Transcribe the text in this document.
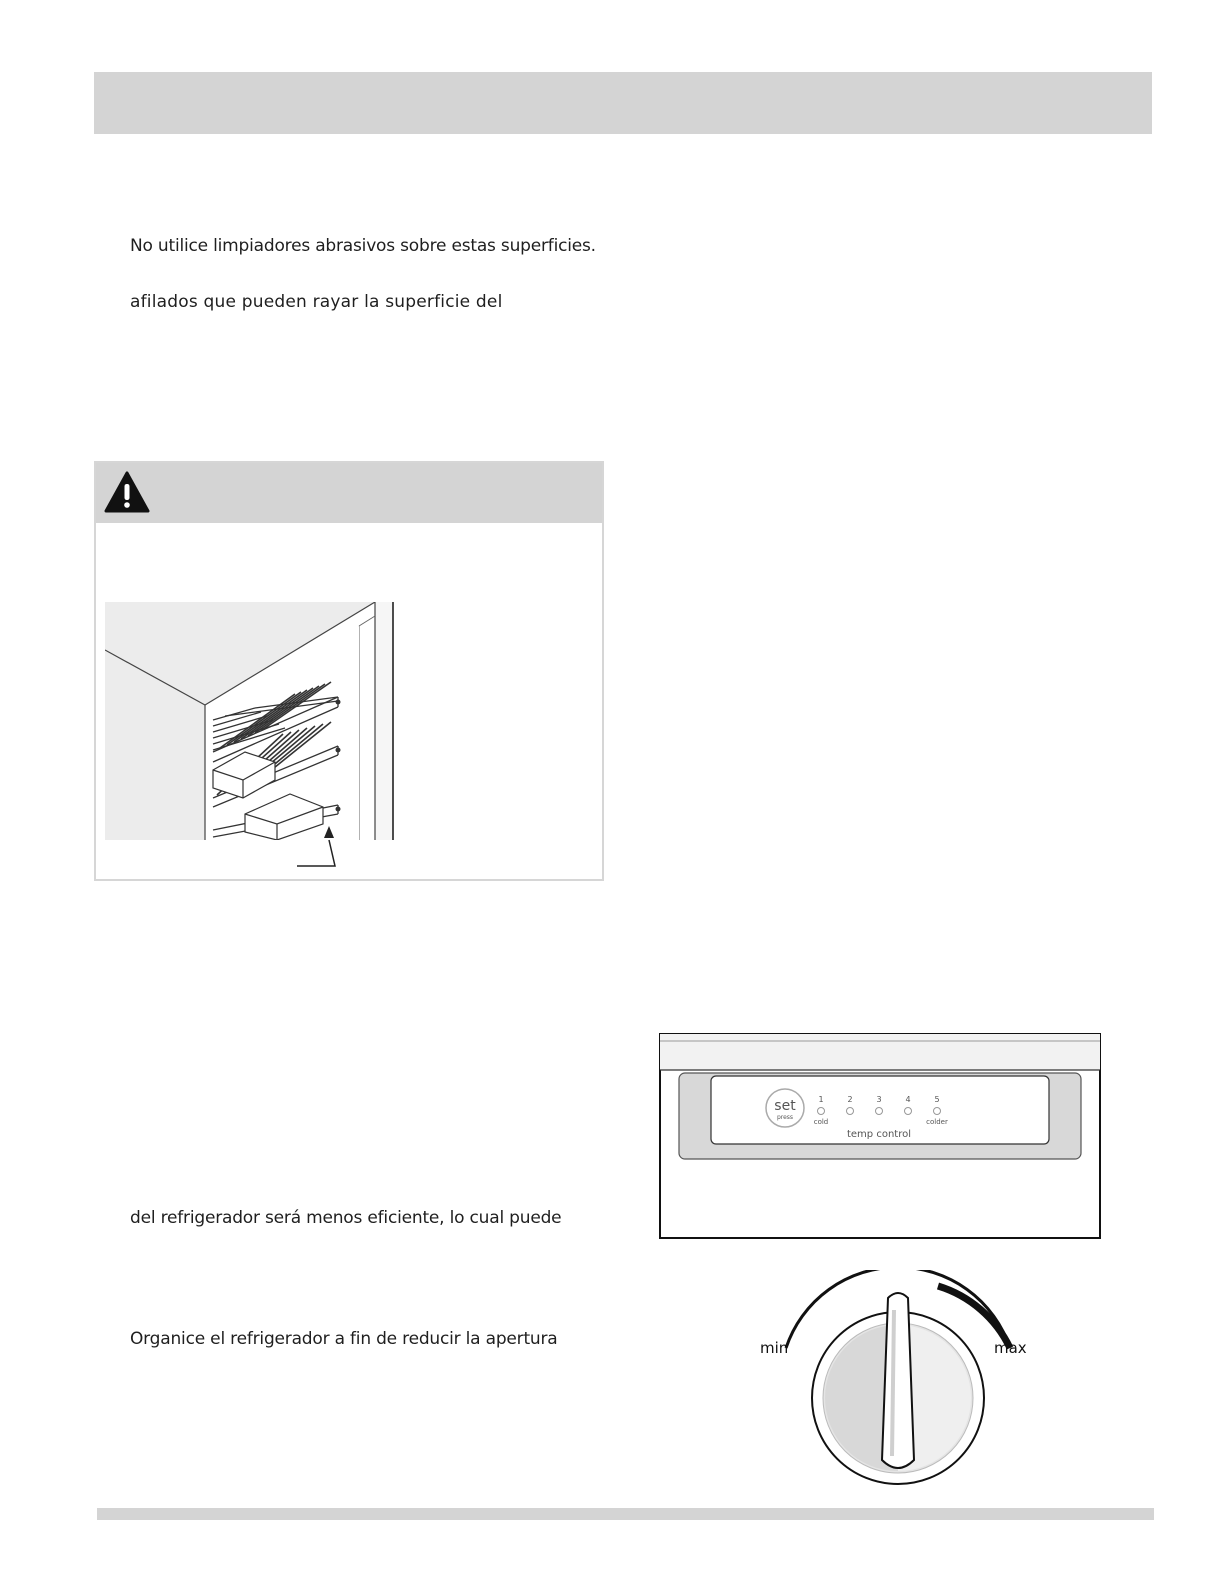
No utilice limpiadores abrasivos sobre estas superficies.
afilados que pueden rayar la superficie del
del refrigerador será menos eficiente, lo cual puede
Organice el refrigerador a fin de reducir la apertura
set
press
1	2	3	4	5
cold	colder
temp control
min	max
